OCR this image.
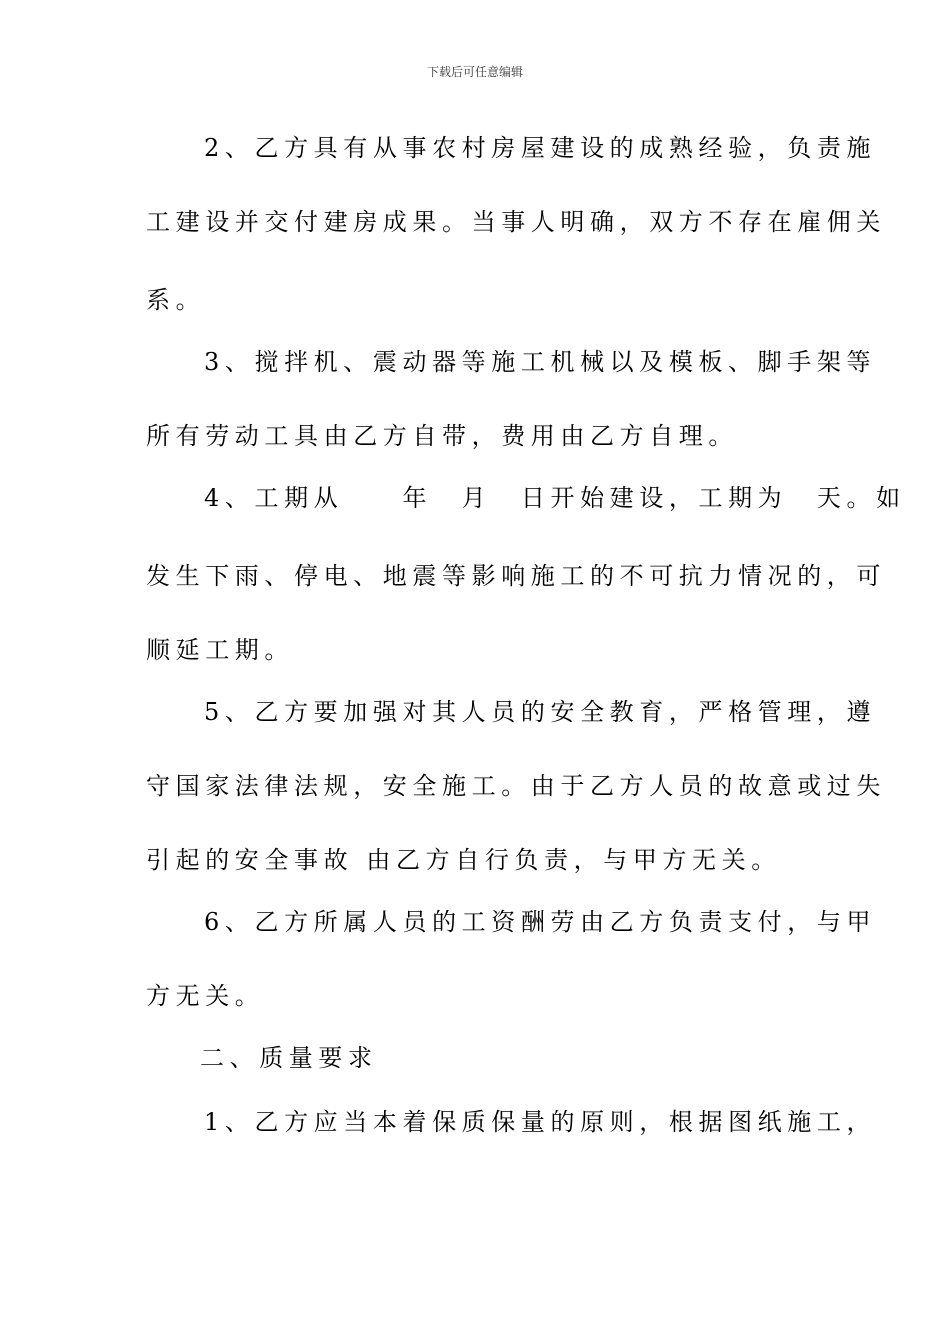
下载后可任意编辑
2、乙方具有从事农村房屋建设的成熟经验，负责施
工建设并交付建房成果。当事人明确，双方不存在雇佣关
系。
3、搅拌机、震动器等施工机械以及模板、脚手架等
所有劳动工具由乙方自带，费用由乙方自理。
4、工期从　　年　月　日开始建设，工期为　天。如
发生下雨、停电、地震等影响施工的不可抗力情况的，可
顺延工期。
5、乙方要加强对其人员的安全教育，严格管理，遵
守国家法律法规，安全施工。由于乙方人员的故意或过失
引起的安全事故 由乙方自行负责，与甲方无关。
6、乙方所属人员的工资酬劳由乙方负责支付，与甲
方无关。
二、质量要求
1、乙方应当本着保质保量的原则，根据图纸施工，
